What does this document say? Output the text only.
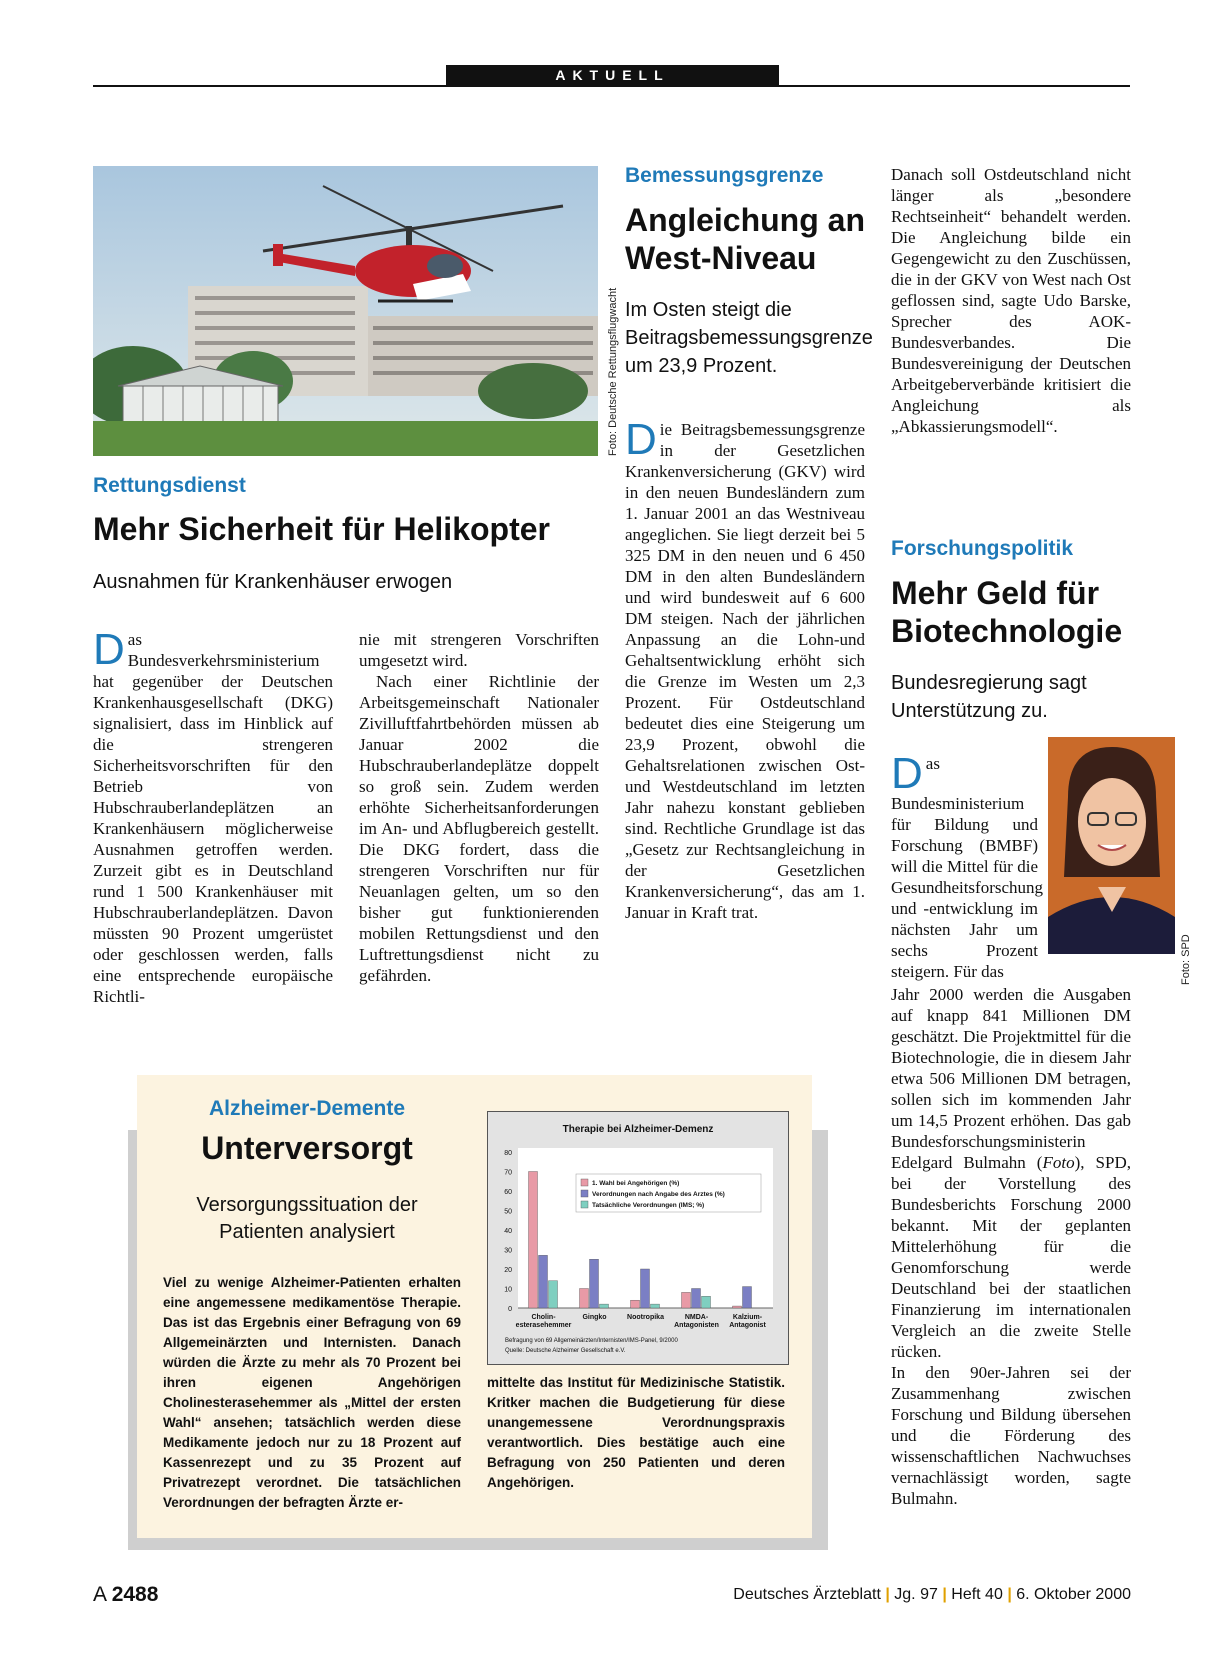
AKTUELL
Foto: Deutsche Rettungsflugwacht
Rettungsdienst
Mehr Sicherheit für Helikopter
Ausnahmen für Krankenhäuser erwogen
Das Bundesverkehrsministerium hat gegenüber der Deutschen Krankenhausgesellschaft (DKG) signalisiert, dass im Hinblick auf die strengeren Sicherheitsvorschriften für den Betrieb von Hubschrauberlandeplätzen an Krankenhäusern möglicherweise Ausnahmen getroffen werden. Zurzeit gibt es in Deutschland rund 1 500 Krankenhäuser mit Hubschrauberlandeplätzen. Davon müssten 90 Prozent umgerüstet oder geschlossen werden, falls eine entsprechende europäische Richtli-

nie mit strengeren Vorschriften umgesetzt wird.

Nach einer Richtlinie der Arbeitsgemeinschaft Nationaler Zivilluftfahrtbehörden müssen ab Januar 2002 die Hubschrauberlandeplätze doppelt so groß sein. Zudem werden erhöhte Sicherheitsanforderungen im An- und Abflugbereich gestellt. Die DKG fordert, dass die strengeren Vorschriften nur für Neuanlagen gelten, um so den bisher gut funktionierenden mobilen Rettungsdienst und den Luftrettungsdienst nicht zu gefährden.

Bemessungsgrenze
Angleichung an
West-Niveau
Im Osten steigt die Beitragsbemessungsgrenze um 23,9 Prozent.
Die Beitragsbemessungsgrenze in der Gesetzlichen Krankenversicherung (GKV) wird in den neuen Bundesländern zum 1. Januar 2001 an das Westniveau angeglichen. Sie liegt derzeit bei 5 325 DM in den neuen und 6 450 DM in den alten Bundesländern und wird bundesweit auf 6 600 DM steigen. Nach der jährlichen Anpassung an die Lohn-und Gehaltsentwicklung erhöht sich die Grenze im Westen um 2,3 Prozent. Für Ostdeutschland bedeutet dies eine Steigerung um 23,9 Prozent, obwohl die Gehaltsrelationen zwischen Ost- und Westdeutschland im letzten Jahr nahezu konstant geblieben sind. Rechtliche Grundlage ist das „Gesetz zur Rechtsangleichung in der Gesetzlichen Krankenversicherung“, das am 1. Januar in Kraft trat.
Danach soll Ostdeutschland nicht länger als „besondere Rechtseinheit“ behandelt werden. Die Angleichung bilde ein Gegengewicht zu den Zuschüssen, die in der GKV von West nach Ost geflossen sind, sagte Udo Barske, Sprecher des AOK-Bundesverbandes. Die Bundesvereinigung der Deutschen Arbeitgeberverbände kritisiert die Angleichung als „Abkassierungsmodell“.
Forschungspolitik
Mehr Geld für
Biotechnologie
Bundesregierung sagt Unterstützung zu.
Foto: SPD
Das Bundesministerium für Bildung und Forschung (BMBF) will die Mittel für die Gesundheitsforschung und -entwicklung im nächsten Jahr um sechs Prozent steigern. Für das

Jahr 2000 werden die Ausgaben auf knapp 841 Millionen DM geschätzt. Die Projektmittel für die Biotechnologie, die in diesem Jahr etwa 506 Millionen DM betragen, sollen sich im kommenden Jahr um 14,5 Prozent erhöhen. Das gab Bundesforschungsministerin Edelgard Bulmahn (Foto), SPD, bei der Vorstellung des Bundesberichts Forschung 2000 bekannt. Mit der geplanten Mittelerhöhung für die Genomforschung werde Deutschland bei der staatlichen Finanzierung im internationalen Vergleich an die zweite Stelle rücken.

In den 90er-Jahren sei der Zusammenhang zwischen Forschung und Bildung übersehen und die Förderung des wissenschaftlichen Nachwuchses vernachlässigt worden, sagte Bulmahn.

Alzheimer-Demente
Unterversorgt
Versorgungssituation der
Patienten analysiert
Viel zu wenige Alzheimer-Patienten erhalten eine angemessene medikamentöse Therapie. Das ist das Ergebnis einer Befragung von 69 Allgemeinärzten und Internisten. Danach würden die Ärzte zu mehr als 70 Prozent bei ihren eigenen Angehörigen Cholinesterasehemmer als „Mittel der ersten Wahl“ ansehen; tatsächlich werden diese Medikamente jedoch nur zu 18 Prozent auf Kassenrezept und zu 35 Prozent auf Privatrezept verordnet. Die tatsächlichen Verordnungen der befragten Ärzte er-
mittelte das Institut für Medizinische Statistik. Kritker machen die Budgetierung für diese unangemessene Verordnungspraxis verantwortlich. Dies bestätige auch eine Befragung von 250 Patienten und deren Angehörigen.
Therapie bei Alzheimer-Demenz
0
10
20
30
40
50
60
70
80
1. Wahl bei Angehörigen (%)
Verordnungen nach Angabe des Arztes (%)
Tatsächliche Verordnungen (IMS; %)
Cholin-
esterasehemmer
Gingko	Nootropika	NMDA-
Antagonisten
Kalzium-
Antagonist
Befragung von 69 Allgemeinärzten/Internisten/IMS-Panel, 9/2000
Quelle: Deutsche Alzheimer Gesellschaft e.V.
A 2488	Deutsches Ärzteblatt | Jg. 97 | Heft 40 | 6. Oktober 2000
